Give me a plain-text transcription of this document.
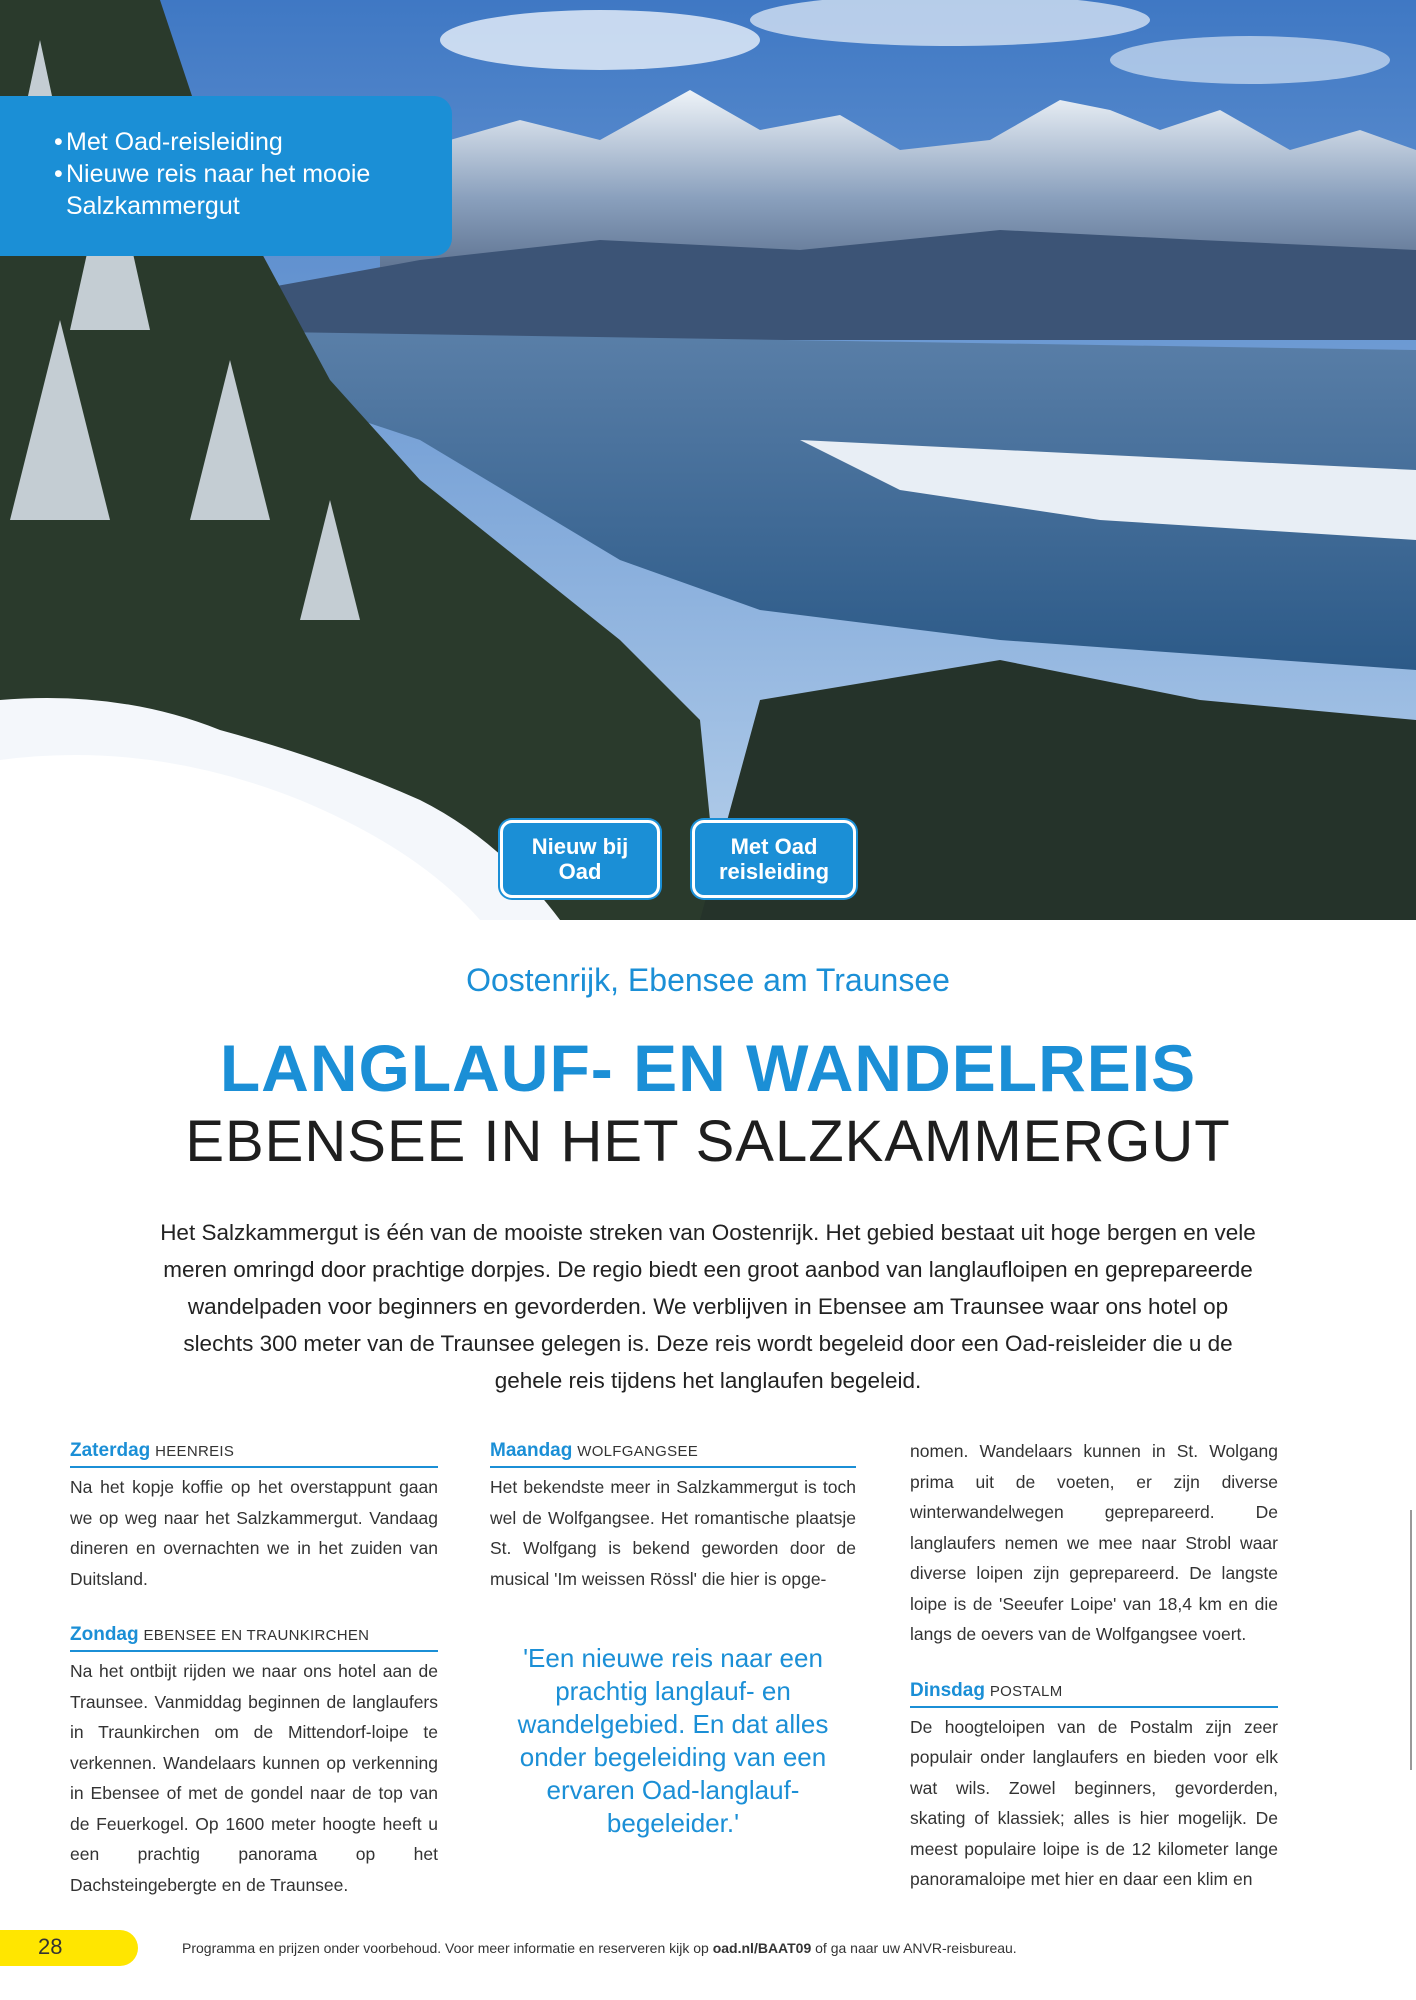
• Met Oad-reisleiding
• Nieuwe reis naar het mooie Salzkammergut
Nieuw bij Oad
Met Oad reisleiding
Wolfgangsee ©WTG
Oostenrijk, Ebensee am Traunsee
LANGLAUF- EN WANDELREIS
EBENSEE IN HET SALZKAMMERGUT
Het Salzkammergut is één van de mooiste streken van Oostenrijk. Het gebied bestaat uit hoge bergen en vele meren omringd door prachtige dorpjes. De regio biedt een groot aanbod van langlaufloipen en geprepareerde wandelpaden voor beginners en gevorderden. We verblijven in Ebensee am Traunsee waar ons hotel op slechts 300 meter van de Traunsee gelegen is. Deze reis wordt begeleid door een Oad-reisleider die u de gehele reis tijdens het langlaufen begeleid.
Zaterdag HEENREIS
Na het kopje koffie op het overstappunt gaan we op weg naar het Salzkammergut. Vandaag dineren en overnachten we in het zuiden van Duitsland.
Zondag EBENSEE EN TRAUNKIRCHEN
Na het ontbijt rijden we naar ons hotel aan de Traunsee. Vanmiddag beginnen de langlaufers in Traunkirchen om de Mittendorf-loipe te verkennen. Wandelaars kunnen op verkenning in Ebensee of met de gondel naar de top van de Feuerkogel. Op 1600 meter hoogte heeft u een prachtig panorama op het Dachsteingebergte en de Traunsee.
Maandag WOLFGANGSEE
Het bekendste meer in Salzkammergut is toch wel de Wolfgangsee. Het romantische plaatsje St. Wolfgang is bekend geworden door de musical 'Im weissen Rössl' die hier is opge-
'Een nieuwe reis naar een prachtig langlauf- en wandelgebied. En dat alles onder begeleiding van een ervaren Oad-langlauf-begeleider.'
nomen. Wandelaars kunnen in St. Wolgang prima uit de voeten, er zijn diverse winterwandelwegen geprepareerd. De langlaufers nemen we mee naar Strobl waar diverse loipen zijn geprepareerd. De langste loipe is de 'Seeufer Loipe' van 18,4 km en die langs de oevers van de Wolfgangsee voert.
Dinsdag POSTALM
De hoogteloipen van de Postalm zijn zeer populair onder langlaufers en bieden voor elk wat wils. Zowel beginners, gevorderden, skating of klassiek; alles is hier mogelijk. De meest populaire loipe is de 12 kilometer lange panoramaloipe met hier en daar een klim en
28	Programma en prijzen onder voorbehoud. Voor meer informatie en reserveren kijk op oad.nl/BAAT09 of ga naar uw ANVR-reisbureau.
